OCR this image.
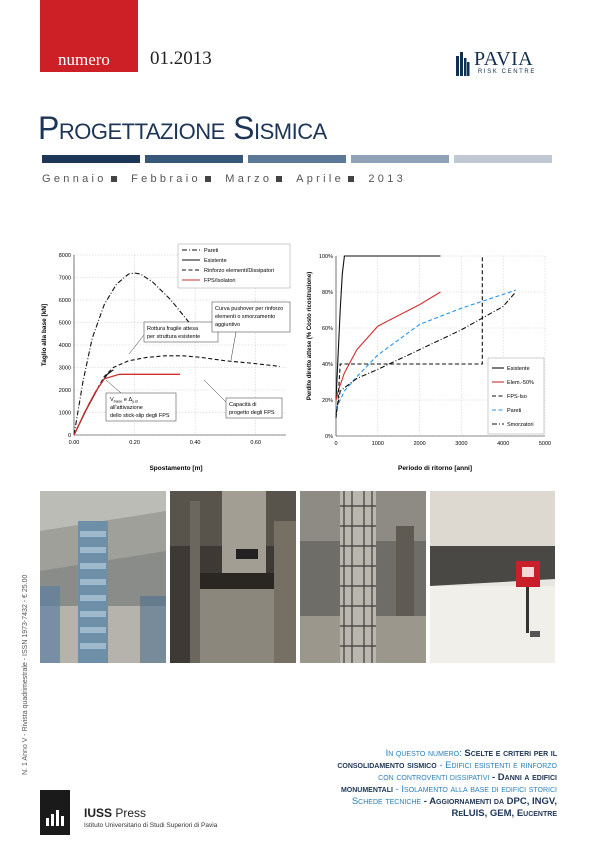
numero	01.2013	PAVIA
RISK CENTRE
Progettazione Sismica
Gennaio Febbraio Marzo Aprile 2013
0
1000
2000
3000
4000
5000
6000
7000
8000
0.00	0.20	0.40	0.60
Spostamento [m]
Taglio alla base [kN]
Pareti
Esistente
Rinforzo elementi/Dissipatori
FPS/Isolatori
Rottura fragile attesa
per struttura esistente
Curva pushover per rinforzo
elementi o smorzamento
aggiuntivo
Capacità di
progetto degli FPS
$V_{base}$ e $\Delta_{y,sl}$
all'attivazione
dello stick-slip degli FPS
0%
20%
40%
60%
80%
100%
0	1000	2000	3000	4000	5000
Periodo di ritorno [anni]
Perdite dirette attese (% Costo ricostruzione)	Esistente
Elem.-50%
FPS-Iso
Pareti
Smorzatori
N. 1 Anno V - Rivista quadrimestrale - ISSN 1973-7432 - € 25.00
IUSS Press
Istituto Universitario di Studi Superiori di Pavia
In questo numero: Scelte e criteri per il
consolidamento sismico - Edifici esistenti e rinforzo
con controventi dissipativi - Danni a edifici
monumentali - Isolamento alla base di edifici storici
Schede tecniche - Aggiornamenti da DPC, INGV,
ReLUIS, GEM, Eucentre
